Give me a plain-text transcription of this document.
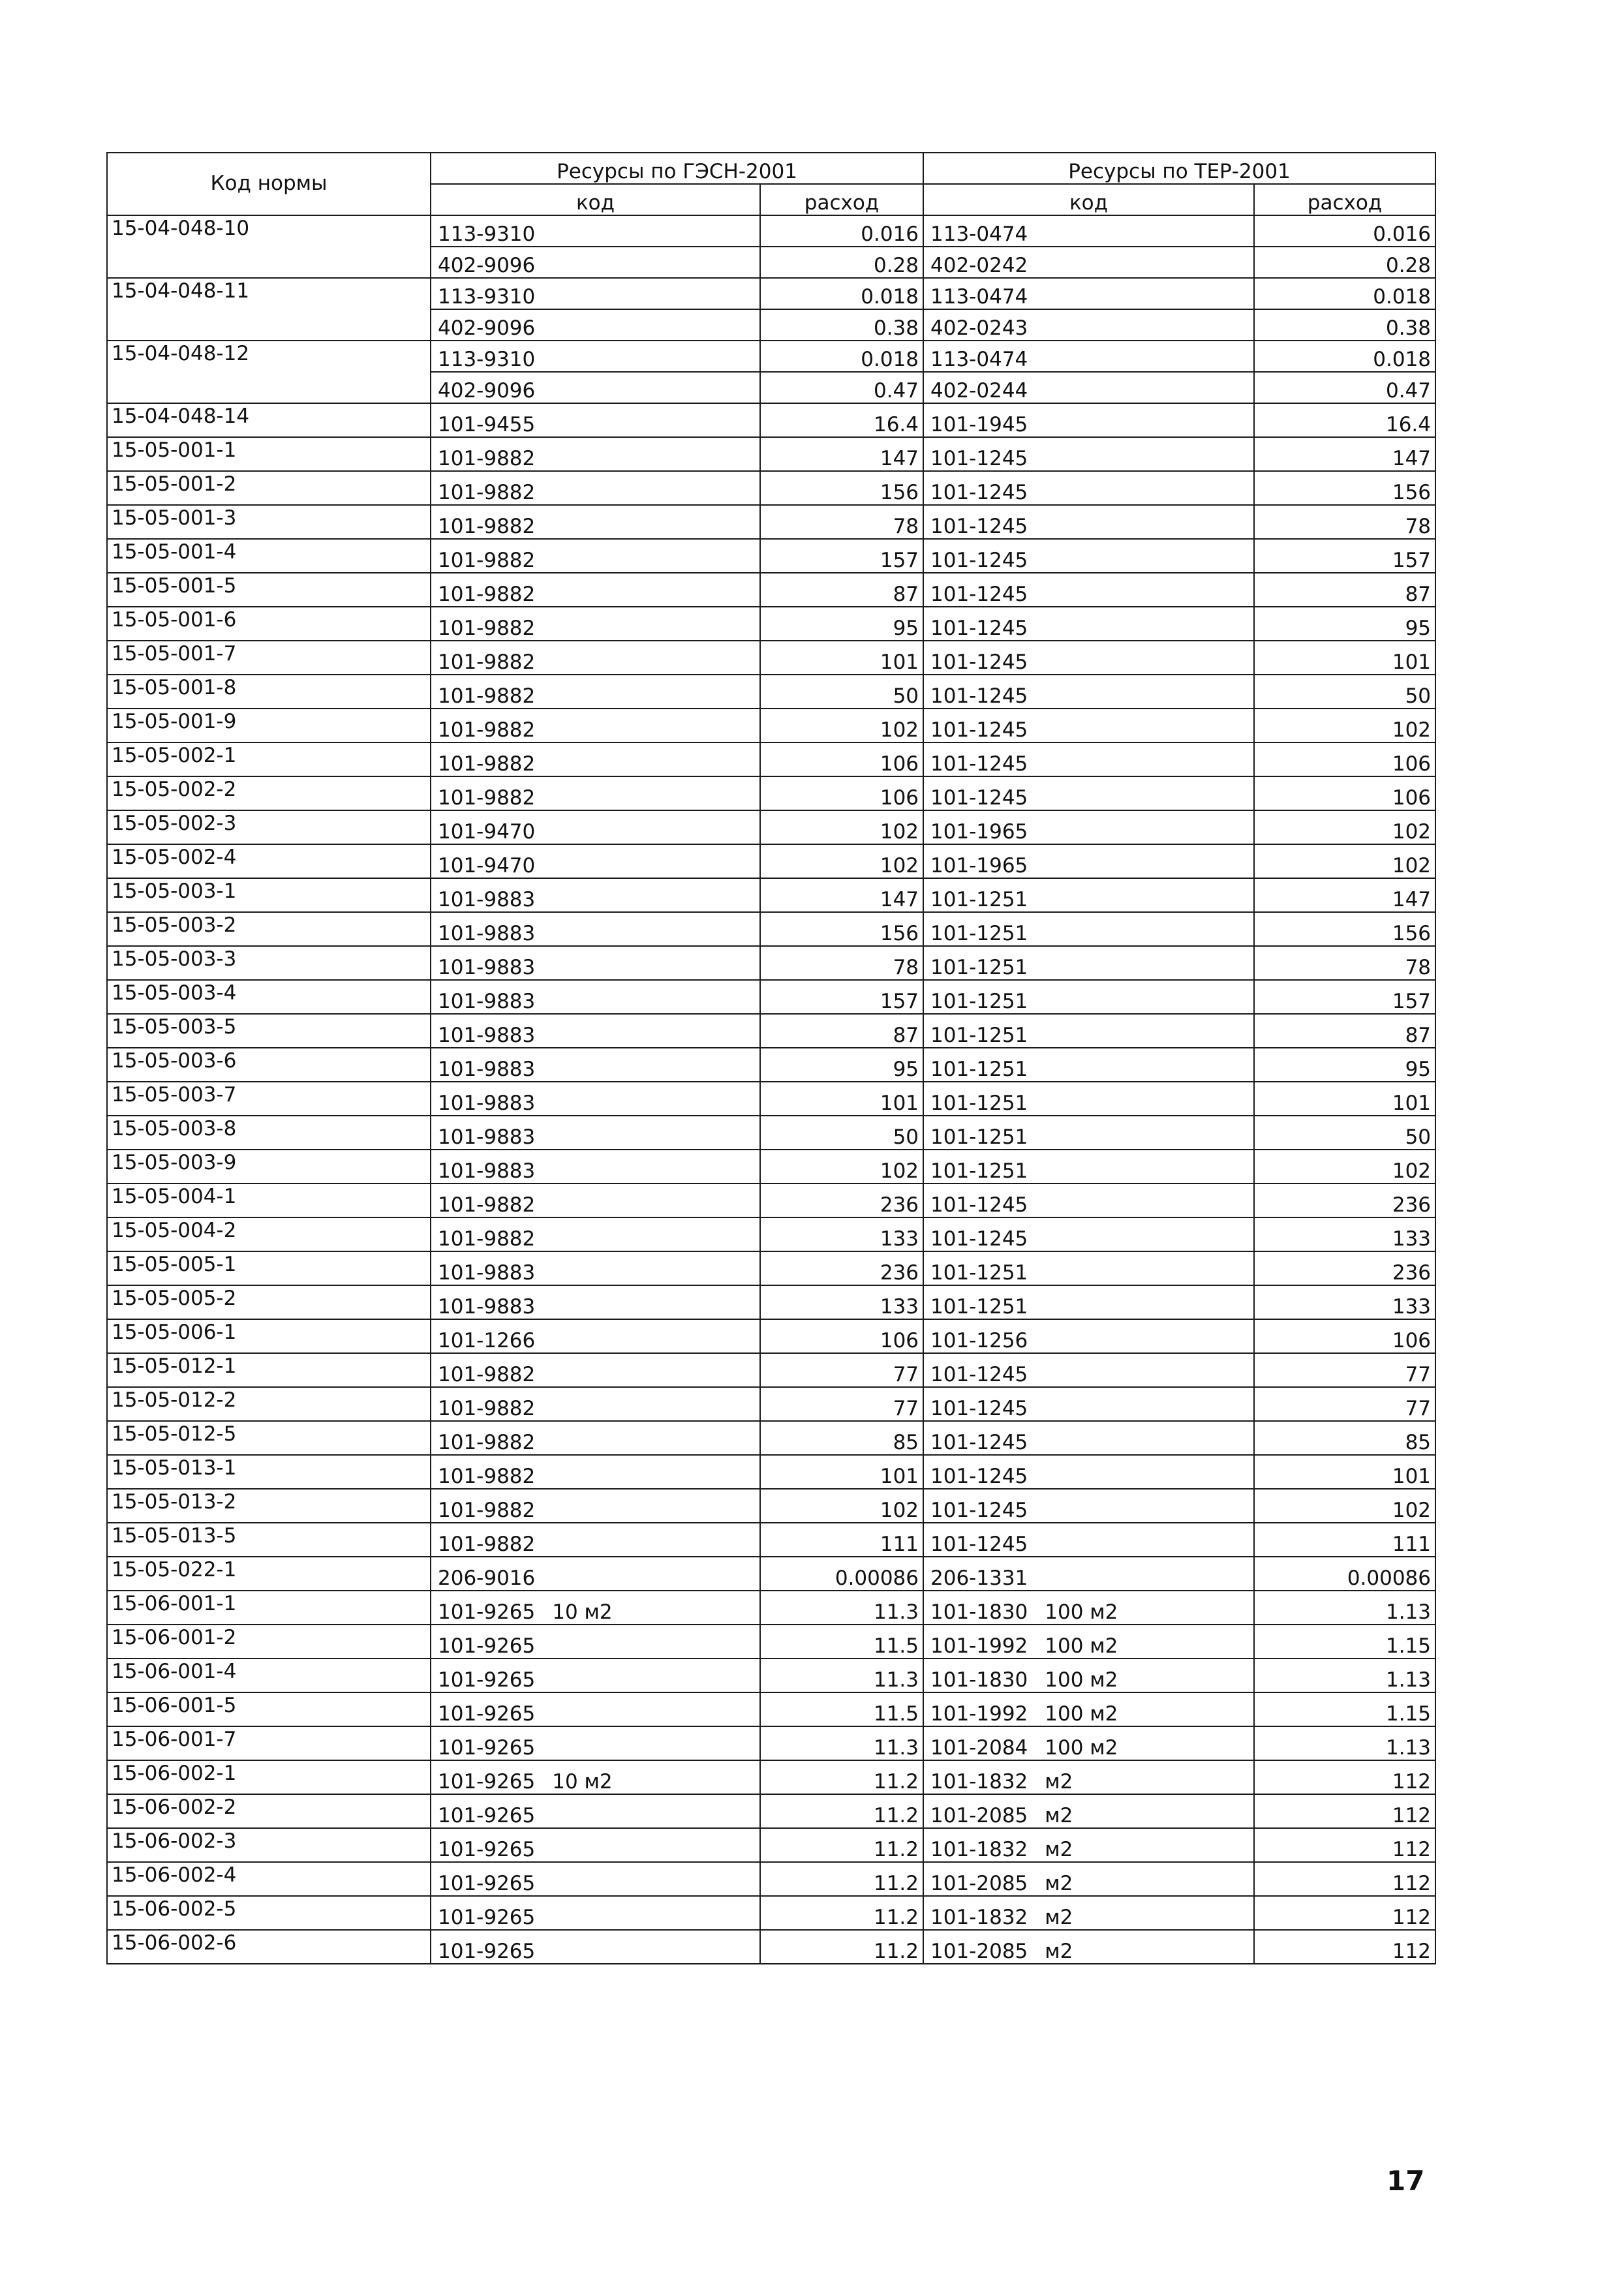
Код нормы	Ресурсы по ГЭСН-2001		Ресурсы по ТЕР-2001	
	код	расход	код	расход
15-04-048-10	113-9310	0.016	113-0474	0.016
	402-9096	0.28	402-0242	0.28
15-04-048-11	113-9310	0.018	113-0474	0.018
	402-9096	0.38	402-0243	0.38
15-04-048-12	113-9310	0.018	113-0474	0.018
	402-9096	0.47	402-0244	0.47
15-04-048-14	101-9455	16.4	101-1945	16.4
15-05-001-1	101-9882	147	101-1245	147
15-05-001-2	101-9882	156	101-1245	156
15-05-001-3	101-9882	78	101-1245	78
15-05-001-4	101-9882	157	101-1245	157
15-05-001-5	101-9882	87	101-1245	87
15-05-001-6	101-9882	95	101-1245	95
15-05-001-7	101-9882	101	101-1245	101
15-05-001-8	101-9882	50	101-1245	50
15-05-001-9	101-9882	102	101-1245	102
15-05-002-1	101-9882	106	101-1245	106
15-05-002-2	101-9882	106	101-1245	106
15-05-002-3	101-9470	102	101-1965	102
15-05-002-4	101-9470	102	101-1965	102
15-05-003-1	101-9883	147	101-1251	147
15-05-003-2	101-9883	156	101-1251	156
15-05-003-3	101-9883	78	101-1251	78
15-05-003-4	101-9883	157	101-1251	157
15-05-003-5	101-9883	87	101-1251	87
15-05-003-6	101-9883	95	101-1251	95
15-05-003-7	101-9883	101	101-1251	101
15-05-003-8	101-9883	50	101-1251	50
15-05-003-9	101-9883	102	101-1251	102
15-05-004-1	101-9882	236	101-1245	236
15-05-004-2	101-9882	133	101-1245	133
15-05-005-1	101-9883	236	101-1251	236
15-05-005-2	101-9883	133	101-1251	133
15-05-006-1	101-1266	106	101-1256	106
15-05-012-1	101-9882	77	101-1245	77
15-05-012-2	101-9882	77	101-1245	77
15-05-012-5	101-9882	85	101-1245	85
15-05-013-1	101-9882	101	101-1245	101
15-05-013-2	101-9882	102	101-1245	102
15-05-013-5	101-9882	111	101-1245	111
15-05-022-1	206-9016	0.00086	206-1331	0.00086
15-06-001-1	101-9265 10 м2	11.3	101-1830 100 м2	1.13
15-06-001-2	101-9265	11.5	101-1992 100 м2	1.15
15-06-001-4	101-9265	11.3	101-1830 100 м2	1.13
15-06-001-5	101-9265	11.5	101-1992 100 м2	1.15
15-06-001-7	101-9265	11.3	101-2084 100 м2	1.13
15-06-002-1	101-9265 10 м2	11.2	101-1832 м2	112
15-06-002-2	101-9265	11.2	101-2085 м2	112
15-06-002-3	101-9265	11.2	101-1832 м2	112
15-06-002-4	101-9265	11.2	101-2085 м2	112
15-06-002-5	101-9265	11.2	101-1832 м2	112
15-06-002-6	101-9265	11.2	101-2085 м2	112
17
